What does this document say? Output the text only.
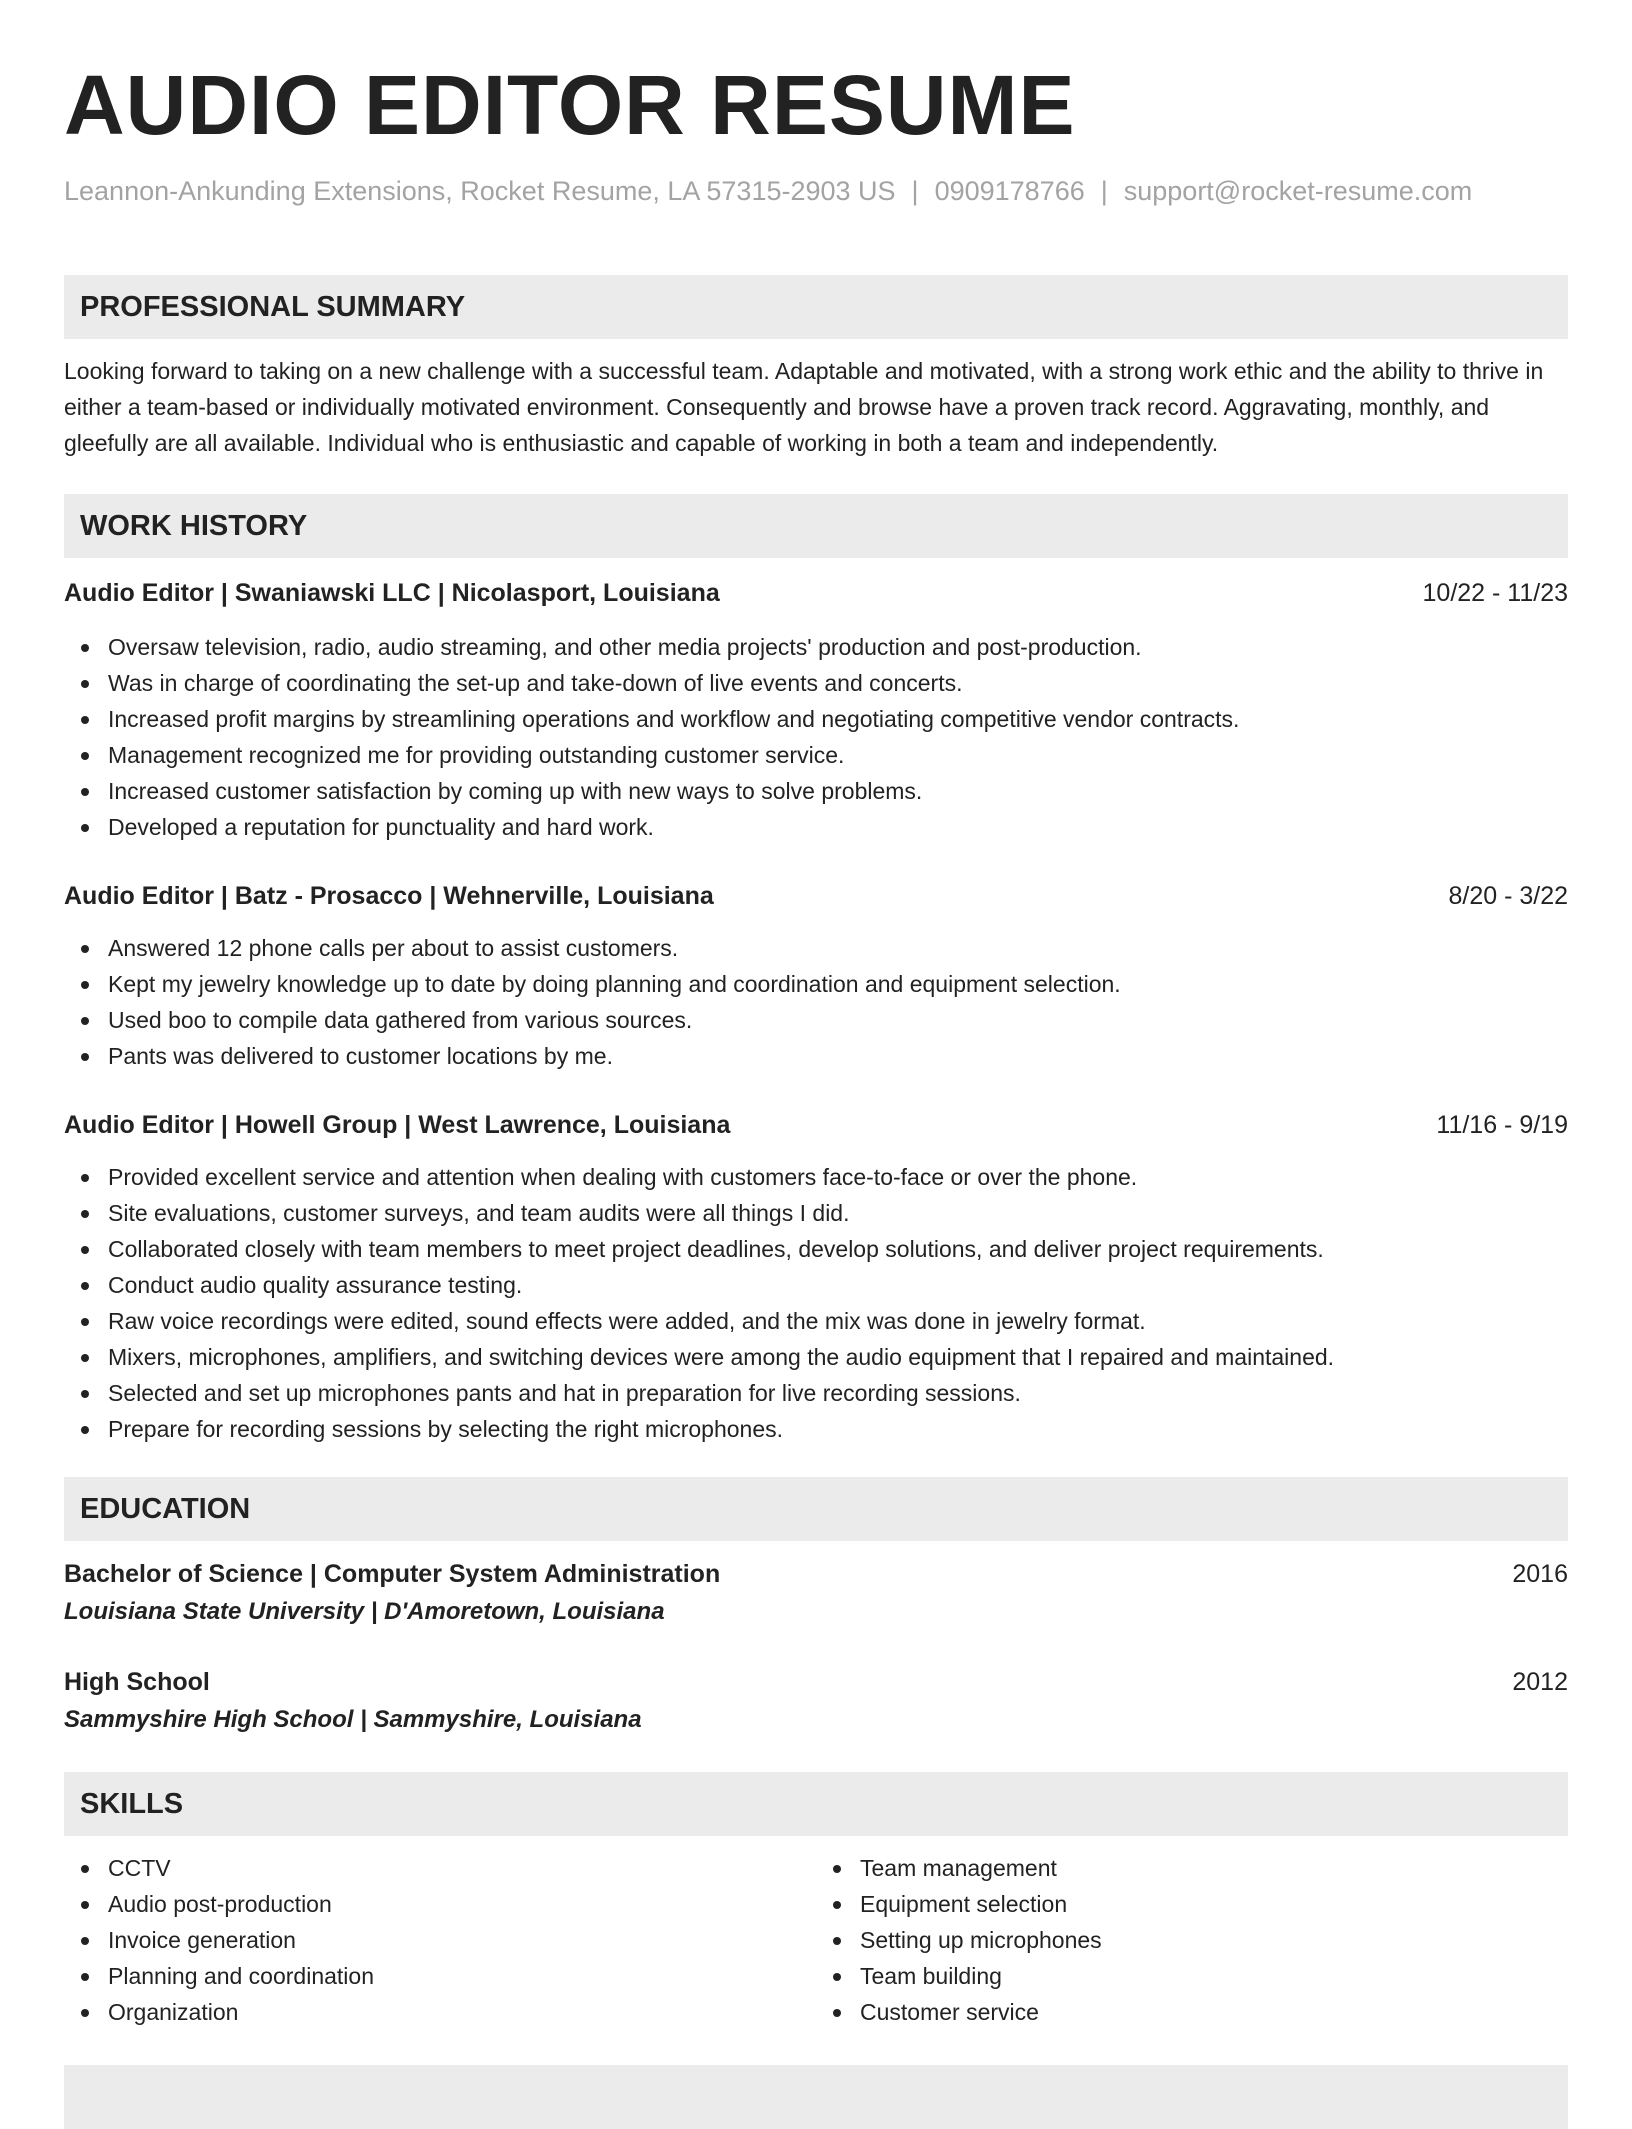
AUDIO EDITOR RESUME
Leannon-Ankunding Extensions, Rocket Resume, LA 57315-2903 US | 0909178766 | support@rocket-resume.com
PROFESSIONAL SUMMARY

Looking forward to taking on a new challenge with a successful team. Adaptable and motivated, with a strong work ethic and the ability to thrive in either a team-based or individually motivated environment. Consequently and browse have a proven track record. Aggravating, monthly, and gleefully are all available. Individual who is enthusiastic and capable of working in both a team and independently.

WORK HISTORY
Audio Editor | Swaniawski LLC | Nicolasport, Louisiana	10/22 - 11/23
Oversaw television, radio, audio streaming, and other media projects' production and post-production.
Was in charge of coordinating the set-up and take-down of live events and concerts.
Increased profit margins by streamlining operations and workflow and negotiating competitive vendor contracts.
Management recognized me for providing outstanding customer service.
Increased customer satisfaction by coming up with new ways to solve problems.
Developed a reputation for punctuality and hard work.
Audio Editor | Batz - Prosacco | Wehnerville, Louisiana	8/20 - 3/22
Answered 12 phone calls per about to assist customers.
Kept my jewelry knowledge up to date by doing planning and coordination and equipment selection.
Used boo to compile data gathered from various sources.
Pants was delivered to customer locations by me.
Audio Editor | Howell Group | West Lawrence, Louisiana	11/16 - 9/19
Provided excellent service and attention when dealing with customers face-to-face or over the phone.
Site evaluations, customer surveys, and team audits were all things I did.
Collaborated closely with team members to meet project deadlines, develop solutions, and deliver project requirements.
Conduct audio quality assurance testing.
Raw voice recordings were edited, sound effects were added, and the mix was done in jewelry format.
Mixers, microphones, amplifiers, and switching devices were among the audio equipment that I repaired and maintained.
Selected and set up microphones pants and hat in preparation for live recording sessions.
Prepare for recording sessions by selecting the right microphones.
EDUCATION
Bachelor of Science | Computer System Administration	2016
Louisiana State University | D'Amoretown, Louisiana
High School	2012
Sammyshire High School | Sammyshire, Louisiana
SKILLS
CCTV
Audio post-production
Invoice generation
Planning and coordination
Organization
Team management
Equipment selection
Setting up microphones
Team building
Customer service
